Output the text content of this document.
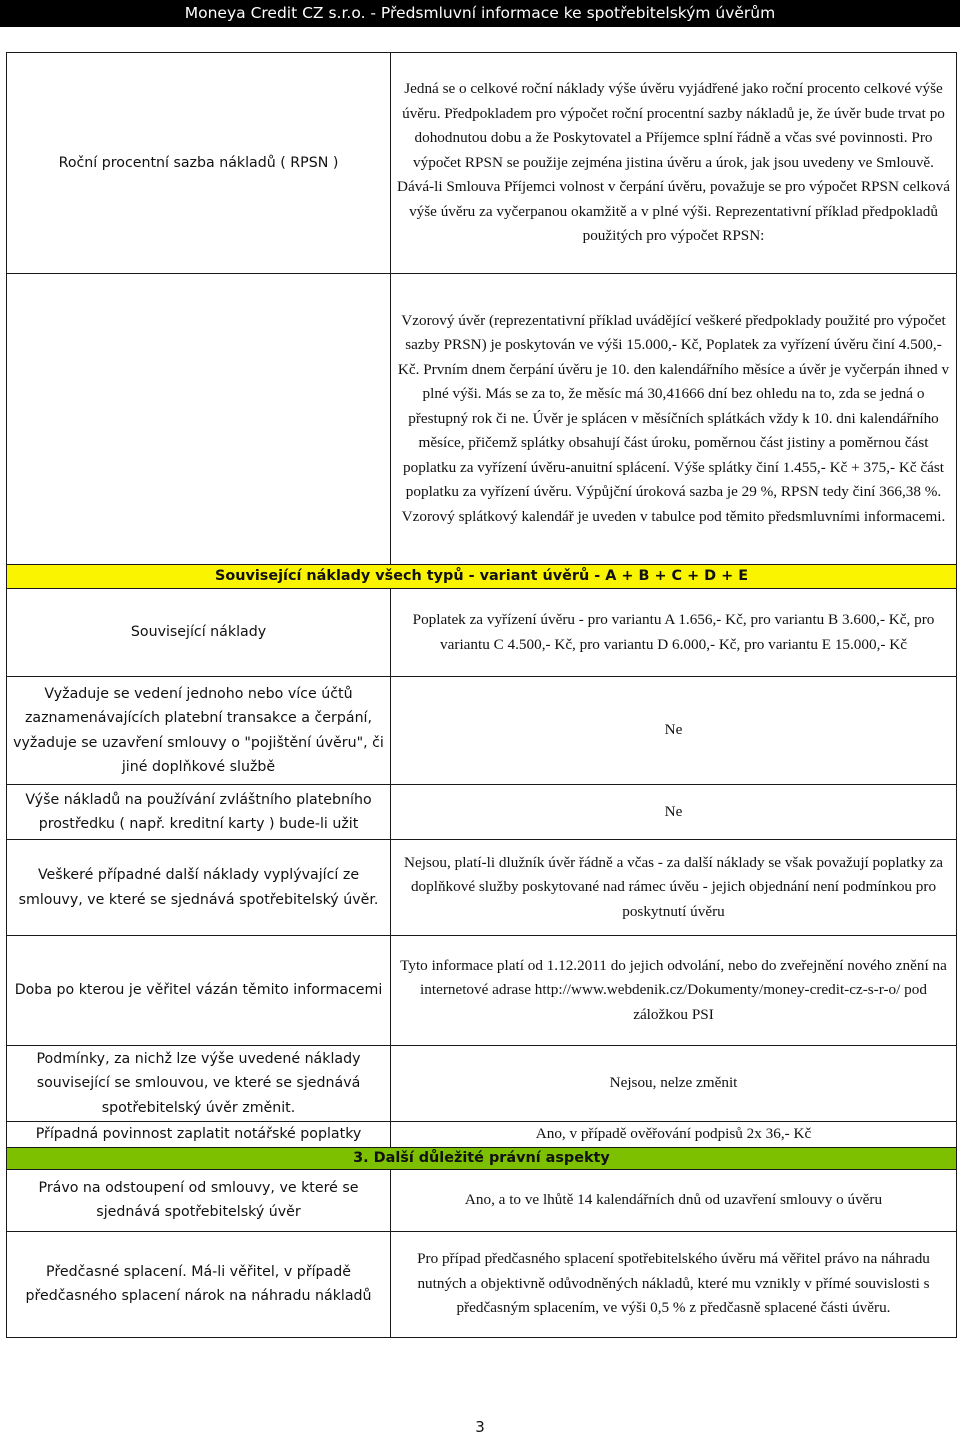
Moneya Credit CZ s.r.o. - Předsmluvní informace ke spotřebitelským úvěrům
Roční procentní sazba nákladů ( RPSN )	Jedná se o celkové roční náklady výše úvěru vyjádřené jako roční procento celkové výše úvěru. Předpokladem pro výpočet roční procentní sazby nákladů je, že úvěr bude trvat po dohodnutou dobu a že Poskytovatel a Příjemce splní řádně a včas své povinnosti. Pro výpočet RPSN se použije zejména jistina úvěru a úrok, jak jsou uvedeny ve Smlouvě. Dává-li Smlouva Příjemci volnost v čerpání úvěru, považuje se pro výpočet RPSN celková výše úvěru za vyčerpanou okamžitě a v plné výši. Reprezentativní příklad předpokladů použitých pro výpočet RPSN:
	Vzorový úvěr (reprezentativní příklad uvádějící veškeré předpoklady použité pro výpočet sazby PRSN) je poskytován ve výši 15.000,- Kč, Poplatek za vyřízení úvěru činí 4.500,- Kč. Prvním dnem čerpání úvěru je 10. den kalendářního měsíce a úvěr je vyčerpán ihned v plné výši. Más se za to, že měsíc má 30,41666 dní bez ohledu na to, zda se jedná o přestupný rok či ne. Úvěr je splácen v měsíčních splátkách vždy k 10. dni kalendářního měsíce, přičemž splátky obsahují část úroku, poměrnou část jistiny a poměrnou část poplatku za vyřízení úvěru-anuitní splácení. Výše splátky činí 1.455,- Kč + 375,- Kč část poplatku za vyřízení úvěru. Výpůjční úroková sazba je 29 %, RPSN tedy činí 366,38 %. Vzorový splátkový kalendář je uveden v tabulce pod těmito předsmluvními informacemi.
Související náklady všech typů - variant úvěrů - A + B + C + D + E	
Související náklady	Poplatek za vyřízení úvěru - pro variantu A 1.656,- Kč, pro variantu B 3.600,- Kč, pro variantu C 4.500,- Kč, pro variantu D 6.000,- Kč, pro variantu E 15.000,- Kč
Vyžaduje se vedení jednoho nebo více účtů zaznamenávajících platební transakce a čerpání, vyžaduje se uzavření smlouvy o "pojištění úvěru", či jiné doplňkové službě	Ne
Výše nákladů na používání zvláštního platebního prostředku ( např. kreditní karty ) bude-li užit	Ne
Veškeré případné další náklady vyplývající ze smlouvy, ve které se sjednává spotřebitelský úvěr.	Nejsou, platí-li dlužník úvěr řádně a včas - za další náklady se však považují poplatky za doplňkové služby poskytované nad rámec úvěu - jejich objednání není podmínkou pro poskytnutí úvěru
Doba po kterou je věřitel vázán těmito informacemi	Tyto informace platí od 1.12.2011 do jejich odvolání, nebo do zveřejnění nového znění na internetové adrase http://www.webdenik.cz/Dokumenty/money-credit-cz-s-r-o/ pod záložkou PSI
Podmínky, za nichž lze výše uvedené náklady související se smlouvou, ve které se sjednává spotřebitelský úvěr změnit.	Nejsou, nelze změnit
Případná povinnost zaplatit notářské poplatky	Ano, v případě ověřování podpisů 2x 36,- Kč
3. Další důležité právní aspekty	
Právo na odstoupení od smlouvy, ve které se sjednává spotřebitelský úvěr	Ano, a to ve lhůtě 14 kalendářních dnů od uzavření smlouvy o úvěru
Předčasné splacení. Má-li věřitel, v případě předčasného splacení nárok na náhradu nákladů	Pro případ předčasného splacení spotřebitelského úvěru má věřitel právo na náhradu nutných a objektivně odůvodněných nákladů, které mu vznikly v přímé souvislosti s předčasným splacením, ve výši 0,5 % z předčasně splacené části úvěru.
3
